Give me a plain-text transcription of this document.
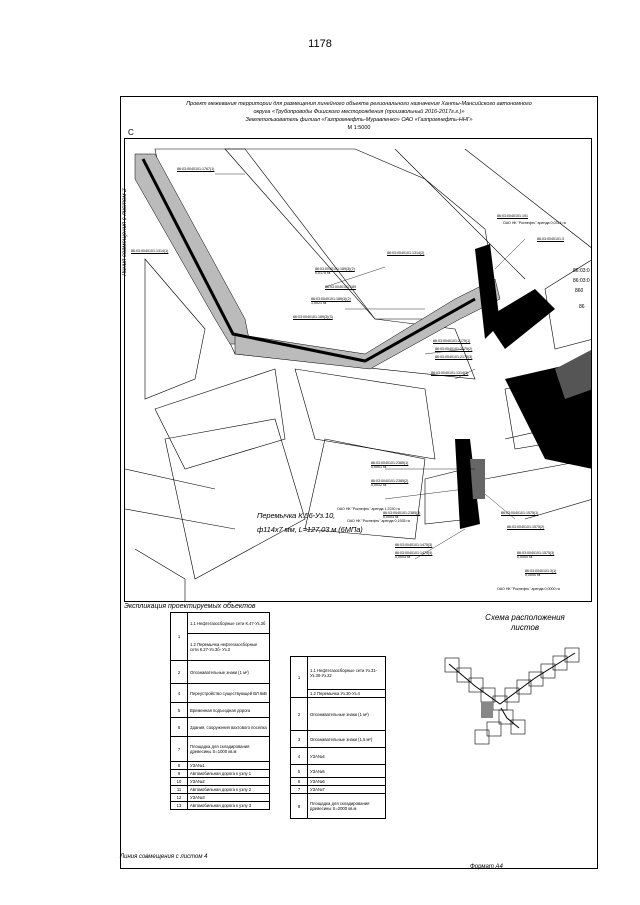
1178
Проект межевания территории для размещения линейного объекта регионального назначения Ханты-Мансийского автономного
округа «Трубопроводы Фишского месторождения (произвольный 2016-2017г.г.)»
Землепользователь филиал «Газпромнефть-Муравленко» ОАО «Газпромнефть-ННГ»
М 1:5000
С
Линия совмещения с листом 2
86:03:0040101:1767(1)
86:03:0040101:1314(1)	86:03:0040101:1314(2)
86:03:0040101:189(3)(2)
0,0175 га
86:03:0040101:189
86:03:0040101:189(3)(2)
1,0021 га
86:03:0040101:189(3)(3)
86:03:0040101:191
86:03:0040101:2175(1)
86:03:0040101:2175(2)
86:03:0040101:2175(3)
86:03:0040101:1314(3)
86:03:0040101:2385(1)
0,0001 га
86:03:0040101:2385(2)
0,0012 га
86:03:0040101:2385(3)
0,0003 га
86:03:0040101:1475(3)
86:03:0040101:1475(4)
0,0003 га
86:03:0040101:1575(1)
86:03:0040101:1575(2)
86:03:0040101:1575(3)
0,0000 га
86:03:0040101:3
86:03:0040101:3(1)
0,0000 га
ОАО НК "Роснефть" аренда 0,0314 га
ОАО НК "Роснефть" аренда 1,2230 га
ОАО НК "Роснефть" аренда 0,1935 га
ОАО НК "Роснефть" аренда 0,0000 га
86:03:0
86:03:0
860
86
Перемычка К.56-Уз.10,
ф114х7 мм, L=127,03 м (6МПа)
Экспликация проектируемых объектов
1	1.1 Нефтегазосборные сети К.47-Уз.3б
	1.2 Перемычка нефтегазосборные сети К.27-Уз.3б- Уз.3
2	Опознавательные знаки (1 м²)
4	Переустройство существующей ВЛ 6кВ
5	Временная подъездная дорога
6	Здания, сооружения вахтового поселка
7	Площадка для складирования древесины S=1000 кв.м
8	УЗА№1
9	Автомобильная дорога к узлу 1
10	УЗА№2
11	Автомобильная дорога к узлу 2
12	УЗА№3
13	Автомобильная дорога к узлу 3
1	1.1 Нефтегазосборные сети Уз.31-Уз.30-Уз.22
	1.2 Перемычка Уз.30-Уз.4
2	Опознавательные знаки (1 м²)
3	Опознавательные знаки (1,5 м²)
4	УЗА№4
5	УЗА№5
6	УЗА№6
7	УЗА№7
8	Площадка для складирования древесины S=2000 кв.м
Схема расположения
листов
Линия совмещения с листом 4
Формат А4
